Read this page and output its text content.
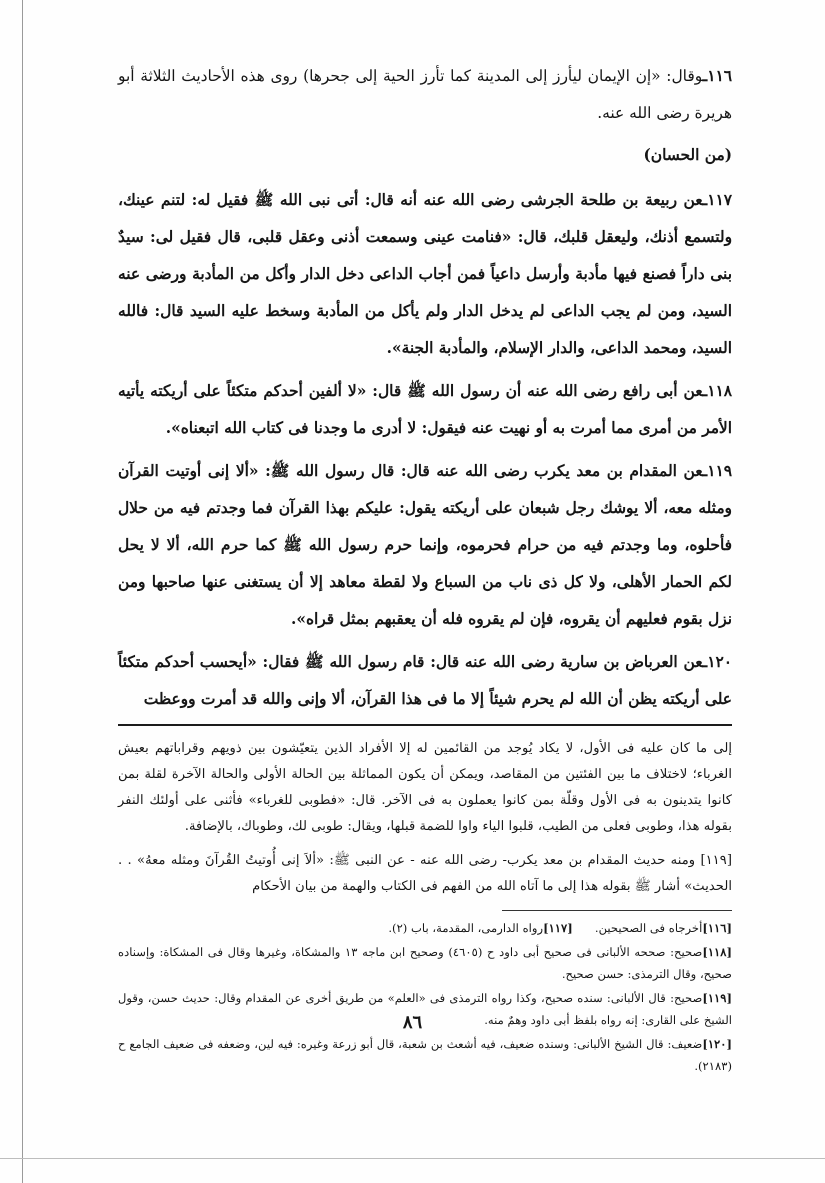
١١٦ـوقال: «إن الإيمان ليأرز إلى المدينة كما تأرز الحية إلى جحرها) روى هذه الأحاديث الثلاثة أبو هريرة رضى الله عنه.

(من الحسان)

١١٧ـعن ربيعة بن طلحة الجرشى رضى الله عنه أنه قال: أتى نبى الله ﷺ فقيل له: لتنم عينك، ولتسمع أذنك، وليعقل قلبك، قال: «فنامت عينى وسمعت أذنى وعقل قلبى، قال فقيل لى: سيدٌ بنى داراً فصنع فيها مأدبة وأرسل داعياً فمن أجاب الداعى دخل الدار وأكل من المأدبة ورضى عنه السيد، ومن لم يجب الداعى لم يدخل الدار ولم يأكل من المأدبة وسخط عليه السيد قال: فالله السيد، ومحمد الداعى، والدار الإسلام، والمأدبة الجنة».

١١٨ـعن أبى رافع رضى الله عنه أن رسول الله ﷺ قال: «لا ألفين أحدكم متكئاً على أريكته يأتيه الأمر من أمرى مما أمرت به أو نهيت عنه فيقول: لا أدرى ما وجدنا فى كتاب الله اتبعناه».

١١٩ـعن المقدام بن معد يكرب رضى الله عنه قال: قال رسول الله ﷺ: «ألا إنى أوتيت القرآن ومثله معه، ألا يوشك رجل شبعان على أريكته يقول: عليكم بهذا القرآن فما وجدتم فيه من حلال فأحلوه، وما وجدتم فيه من حرام فحرموه، وإنما حرم رسول الله ﷺ كما حرم الله، ألا لا يحل لكم الحمار الأهلى، ولا كل ذى ناب من السباع ولا لقطة معاهد إلا أن يستغنى عنها صاحبها ومن نزل بقوم فعليهم أن يقروه، فإن لم يقروه فله أن يعقبهم بمثل قراه».

١٢٠ـعن العرباض بن سارية رضى الله عنه قال: قام رسول الله ﷺ فقال: «أيحسب أحدكم متكئاً على أريكته يظن أن الله لم يحرم شيئاً إلا ما فى هذا القرآن، ألا وإنى والله قد أمرت ووعظت

إلى ما كان عليه فى الأول، لا يكاد يُوجد من القائمين له إلا الأفراد الذين يتعيّشون بين ذويهم وقراباتهم بعيش الغرباء؛ لاختلاف ما بين الفئتين من المقاصد، ويمكن أن يكون المماثلة بين الحالة الأولى والحالة الآخرة لقلة بمن كانوا يتدينون به فى الأول وقلّة بمن كانوا يعملون به فى الآخر. قال: «فطوبى للغرباء» فأثنى على أولئك النفر بقوله هذا، وطوبى فعلى من الطيب، قلبوا الياء واوا للضمة قبلها، ويقال: طوبى لك، وطوباك، بالإضافة.

[١١٩] ومنه حديث المقدام بن معد يكرب- رضى الله عنه - عن النبى ﷺ: «ألاَ إنى أُوتيتُ القُرآنَ ومثله معهُ» . . الحديث» أشار ﷺ بقوله هذا إلى ما آتاه الله من الفهم فى الكتاب والهمة من بيان الأحكام

[١١٦]أخرجاه فى الصحيحين.      [١١٧]رواه الدارمى، المقدمة، باب (٢).

[١١٨]صحيح: صححه الألبانى فى صحيح أبى داود ح (٤٦٠٥) وصحيح ابن ماجه ١٣ والمشكاة، وغيرها وقال فى المشكاة: وإسناده صحيح، وقال الترمذى: حسن صحيح.

[١١٩]صحيح: قال الألبانى: سنده صحيح، وكذا رواه الترمذى فى «العلم» من طريق أخرى عن المقدام وقال: حديث حسن، وقول الشيخ على القارى: إنه رواه بلفظ أبى داود وهمٌ منه.

[١٢٠]ضعيف: قال الشيخ الألبانى: وسنده ضعيف، فيه أشعث بن شعبة، قال أبو زرعة وغيره: فيه لين، وضعفه فى ضعيف الجامع ح (٢١٨٣).

٨٦
